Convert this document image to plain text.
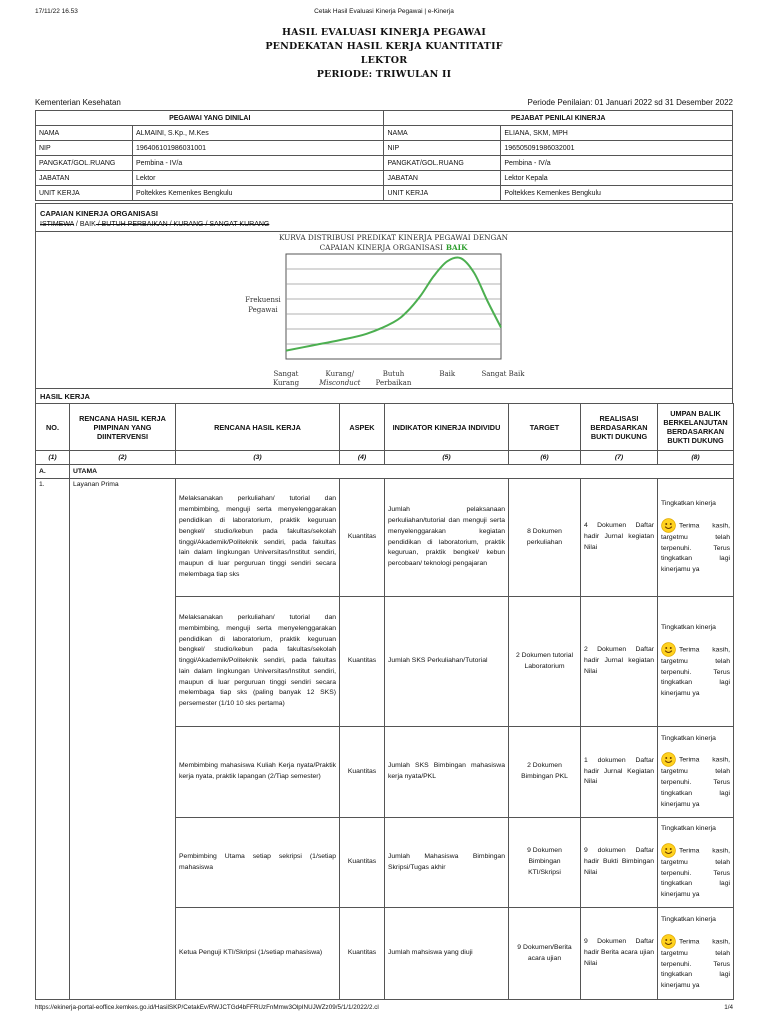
17/11/22 16.53	Cetak Hasil Evaluasi Kinerja Pegawai | e-Kinerja
HASIL EVALUASI KINERJA PEGAWAI
PENDEKATAN HASIL KERJA KUANTITATIF
LEKTOR
PERIODE: TRIWULAN II
Kementerian Kesehatan	Periode Penilaian: 01 Januari 2022 sd 31 Desember 2022
PEGAWAI YANG DINILAI		PEJABAT PENILAI KINERJA	
NAMA	ALMAINI, S.Kp., M.Kes	NAMA	ELIANA, SKM, MPH
NIP	196406101986031001	NIP	196505091986032001
PANGKAT/GOL.RUANG	Pembina - IV/a	PANGKAT/GOL.RUANG	Pembina - IV/a
JABATAN	Lektor	JABATAN	Lektor Kepala
UNIT KERJA	Poltekkes Kemenkes Bengkulu	UNIT KERJA	Poltekkes Kemenkes Bengkulu
CAPAIAN KINERJA ORGANISASI
ISTIMEWA / BAIK / BUTUH PERBAIKAN / KURANG / SANGAT KURANG
KURVA DISTRIBUSI PREDIKAT KINERJA PEGAWAI DENGAN
CAPAIAN KINERJA ORGANISASI BAIK
Frekuensi
Pegawai
Sangat
Kurang
Kurang/
Misconduct
Butuh
Perbaikan
Baik	Sangat Baik
HASIL KERJA
NO.	RENCANA HASIL KERJA PIMPINAN YANG DIINTERVENSI	RENCANA HASIL KERJA	ASPEK	INDIKATOR KINERJA INDIVIDU	TARGET	REALISASI BERDASARKAN BUKTI DUKUNG	UMPAN BALIK BERKELANJUTAN BERDASARKAN BUKTI DUKUNG
(1)	(2)	(3)	(4)	(5)	(6)	(7)	(8)
A.	UTAMA						
1.	Layanan Prima	Melaksanakan perkuliahan/ tutorial dan membimbing, menguji serta menyelenggarakan pendidikan di laboratorium, praktik keguruan bengkel/ studio/kebun pada fakultas/sekolah tinggi/Akademik/Politeknik sendiri, pada fakultas lain dalam lingkungan Universitas/Institut sendiri, maupun di luar perguruan tinggi sendiri secara melembaga tiap sks	Kuantitas	Jumlah pelaksanaan perkuliahan/tutorial dan menguji serta menyelenggarakan kegiatan pendidikan di laboratorium, praktik keguruan, praktik bengkel/ kebun percobaan/ teknologi pengajaran	8 Dokumen perkuliahan	4 Dokumen Daftar hadir Jurnal kegiatan Nilai	Tingkatkan kinerja
Terima kasih, targetmu telah terpenuhi. Terus tingkatkan lagi kinerjamu ya

		Melaksanakan perkuliahan/ tutorial dan membimbing, menguji serta menyelenggarakan pendidikan di laboratorium, praktik keguruan bengkel/ studio/kebun pada fakultas/sekolah tinggi/Akademik/Politeknik sendiri, pada fakultas lain dalam lingkungan Universitas/Institut sendiri, maupun di luar perguruan tinggi sendiri secara melembaga tiap sks (paling banyak 12 SKS) persemester (1/10 10 sks pertama)	Kuantitas	Jumlah SKS Perkuliahan/Tutorial	2 Dokumen tutorial Laboratorium	2 Dokumen Daftar hadir Jurnal kegiatan Nilai	Tingkatkan kinerja
Terima kasih, targetmu telah terpenuhi. Terus tingkatkan lagi kinerjamu ya

		Membimbing mahasiswa Kuliah Kerja nyata/Praktik kerja nyata, praktik lapangan (2/Tiap semester)	Kuantitas	Jumlah SKS Bimbingan mahasiswa kerja nyata/PKL	2 Dokumen Bimbingan PKL	1 dokumen Daftar hadir Jurnal Kegiatan Nilai	Tingkatkan kinerja
Terima kasih, targetmu telah terpenuhi. Terus tingkatkan lagi kinerjamu ya

		Pembimbing Utama setiap sekripsi (1/setiap mahasiswa	Kuantitas	Jumlah Mahasiswa Bimbingan Skripsi/Tugas akhir	9 Dokumen Bimbingan KTI/Skripsi	9 dokumen Daftar hadir Bukti Bimbingan Nilai	Tingkatkan kinerja
Terima kasih, targetmu telah terpenuhi. Terus tingkatkan lagi kinerjamu ya

		Ketua Penguji KTI/Skripsi (1/setiap mahasiswa)	Kuantitas	Jumlah mahsiswa yang diuji	9 Dokumen/Berita acara ujian	9 Dokumen Daftar hadir Berita acara ujian Nilai	Tingkatkan kinerja
Terima kasih, targetmu telah terpenuhi. Terus tingkatkan lagi kinerjamu ya
https://ekinerja-portal-eoffice.kemkes.go.id/HasilSKP/CetakEv/RWJCTGd4bFFRUzFnMmw3OlpINUJWZz09/5/1/1/2022/2.cl	1/4
